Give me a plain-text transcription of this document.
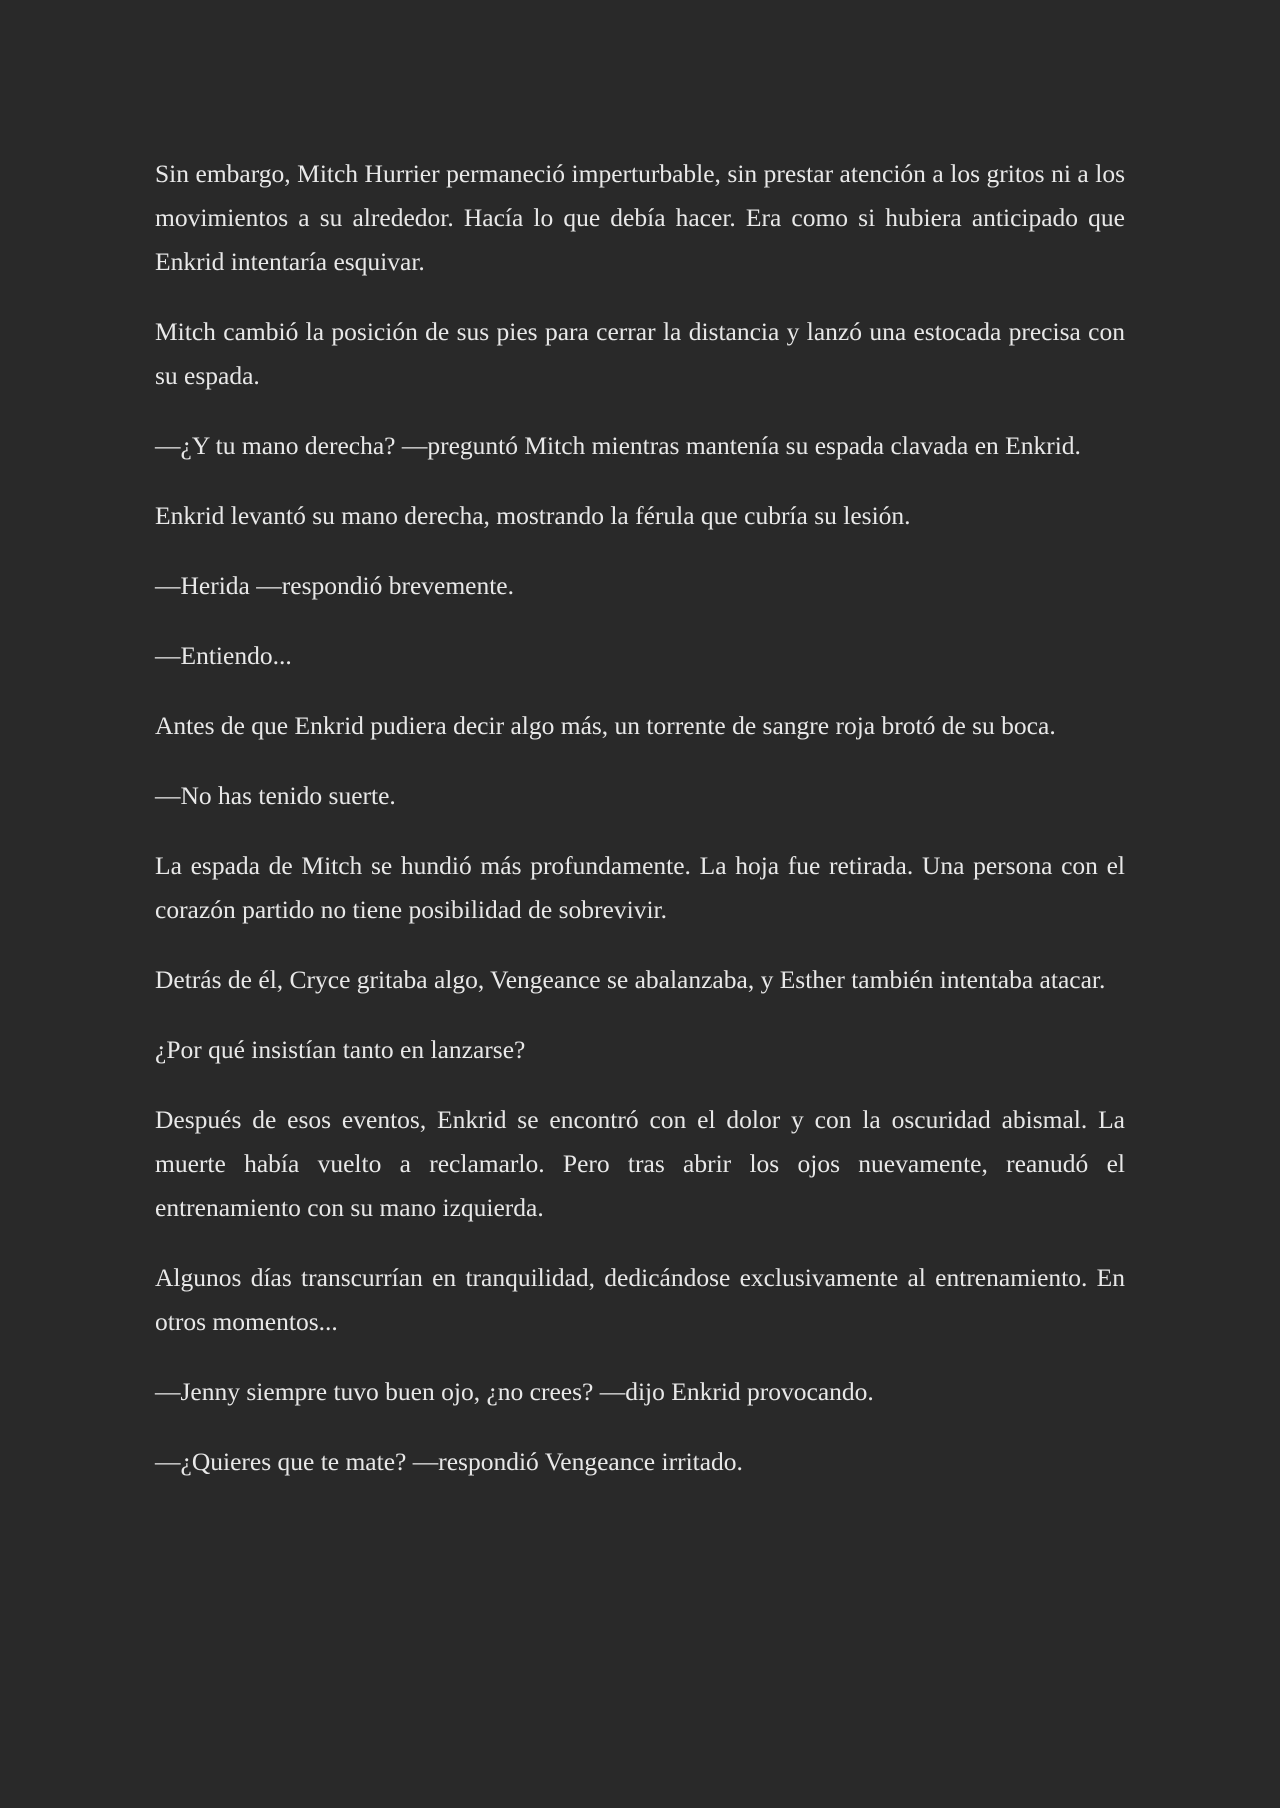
Sin embargo, Mitch Hurrier permaneció imperturbable, sin prestar atención a los gritos ni a los movimientos a su alrededor. Hacía lo que debía hacer. Era como si hubiera anticipado que Enkrid intentaría esquivar.

Mitch cambió la posición de sus pies para cerrar la distancia y lanzó una estocada precisa con su espada.

—¿Y tu mano derecha? —preguntó Mitch mientras mantenía su espada clavada en Enkrid.

Enkrid levantó su mano derecha, mostrando la férula que cubría su lesión.

—Herida —respondió brevemente.

—Entiendo...

Antes de que Enkrid pudiera decir algo más, un torrente de sangre roja brotó de su boca.

—No has tenido suerte.

La espada de Mitch se hundió más profundamente. La hoja fue retirada. Una persona con el corazón partido no tiene posibilidad de sobrevivir.

Detrás de él, Cryce gritaba algo, Vengeance se abalanzaba, y Esther también intentaba atacar.

¿Por qué insistían tanto en lanzarse?

Después de esos eventos, Enkrid se encontró con el dolor y con la oscuridad abismal. La muerte había vuelto a reclamarlo. Pero tras abrir los ojos nuevamente, reanudó el entrenamiento con su mano izquierda.

Algunos días transcurrían en tranquilidad, dedicándose exclusivamente al entrenamiento. En otros momentos...

—Jenny siempre tuvo buen ojo, ¿no crees? —dijo Enkrid provocando.

—¿Quieres que te mate? —respondió Vengeance irritado.
